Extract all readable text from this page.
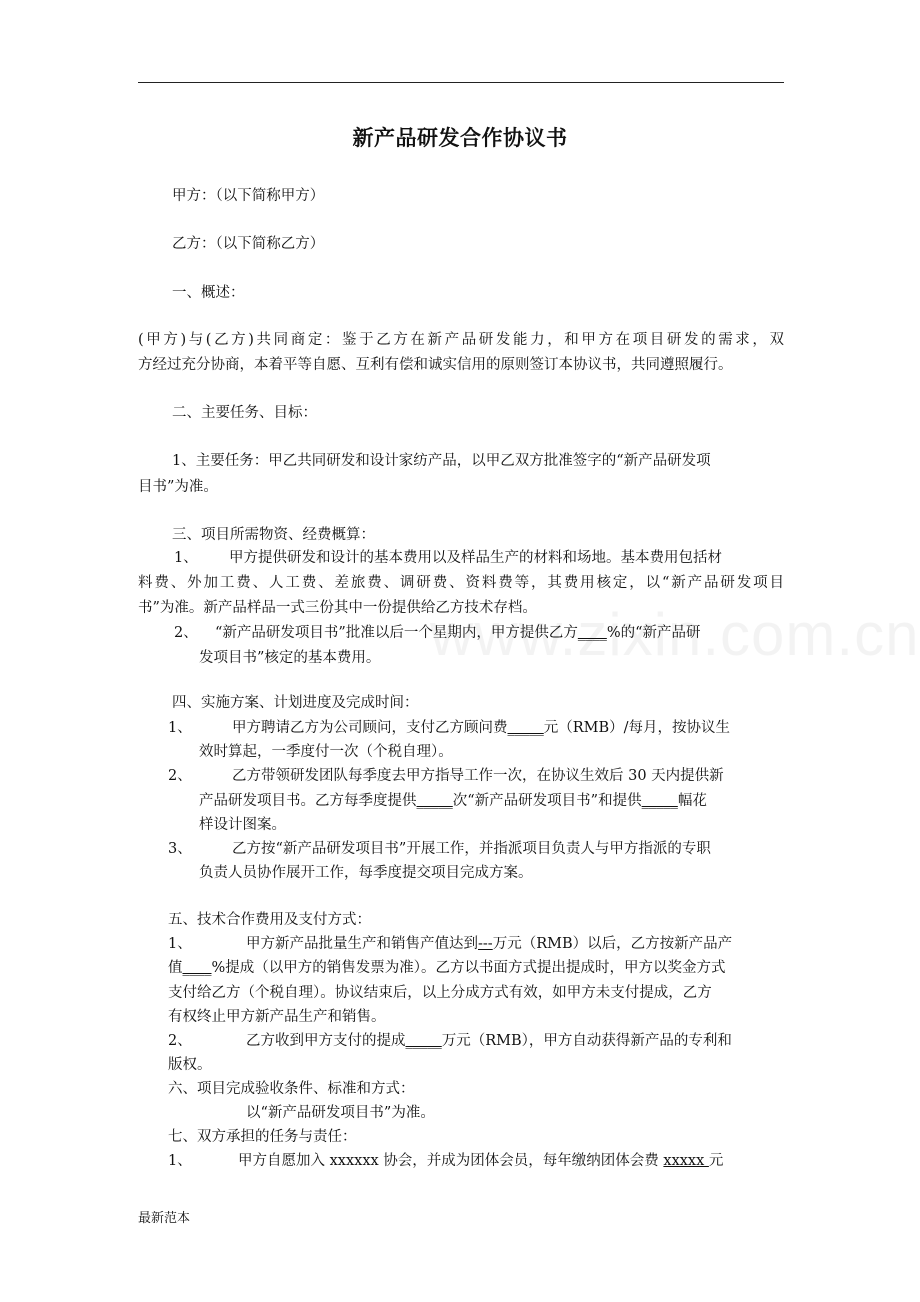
新产品研发合作协议书
甲方：（以下简称甲方）
乙方：（以下简称乙方）
一、概述：
(甲方)与(乙方)共同商定：鉴于乙方在新产品研发能力，和甲方在项目研发的需求，双
方经过充分协商，本着平等自愿、互利有偿和诚实信用的原则签订本协议书，共同遵照履行。
二、主要任务、目标：
1、主要任务：甲乙共同研发和设计家纺产品，以甲乙双方批准签字的“新产品研发项
目书”为准。
三、项目所需物资、经费概算：
1、 甲方提供研发和设计的基本费用以及样品生产的材料和场地。基本费用包括材
料费、外加工费、人工费、差旅费、调研费、资料费等，其费用核定，以“新产品研发项目
书”为准。新产品样品一式三份其中一份提供给乙方技术存档。
2、 “新产品研发项目书”批准以后一个星期内，甲方提供乙方____%的“新产品研
发项目书”核定的基本费用。
四、实施方案、计划进度及完成时间：
1、	甲方聘请乙方为公司顾问，支付乙方顾问费_____元（RMB）/每月，按协议生
效时算起，一季度付一次（个税自理）。
2、	乙方带领研发团队每季度去甲方指导工作一次，在协议生效后 30 天内提供新
产品研发项目书。乙方每季度提供_____次“新产品研发项目书”和提供_____幅花
样设计图案。
3、	乙方按“新产品研发项目书”开展工作，并指派项目负责人与甲方指派的专职
负责人员协作展开工作，每季度提交项目完成方案。
五、技术合作费用及支付方式：
1、	甲方新产品批量生产和销售产值达到---万元（RMB）以后，乙方按新产品产
值____%提成（以甲方的销售发票为准）。乙方以书面方式提出提成时，甲方以奖金方式
支付给乙方（个税自理）。协议结束后，以上分成方式有效，如甲方未支付提成，乙方
有权终止甲方新产品生产和销售。
2、	乙方收到甲方支付的提成_____万元（RMB），甲方自动获得新产品的专利和
版权。
六、项目完成验收条件、标准和方式：
以“新产品研发项目书”为准。
七、双方承担的任务与责任：
1、	甲方自愿加入 xxxxxx 协会，并成为团体会员，每年缴纳团体会费 xxxxx 元
最新范本
